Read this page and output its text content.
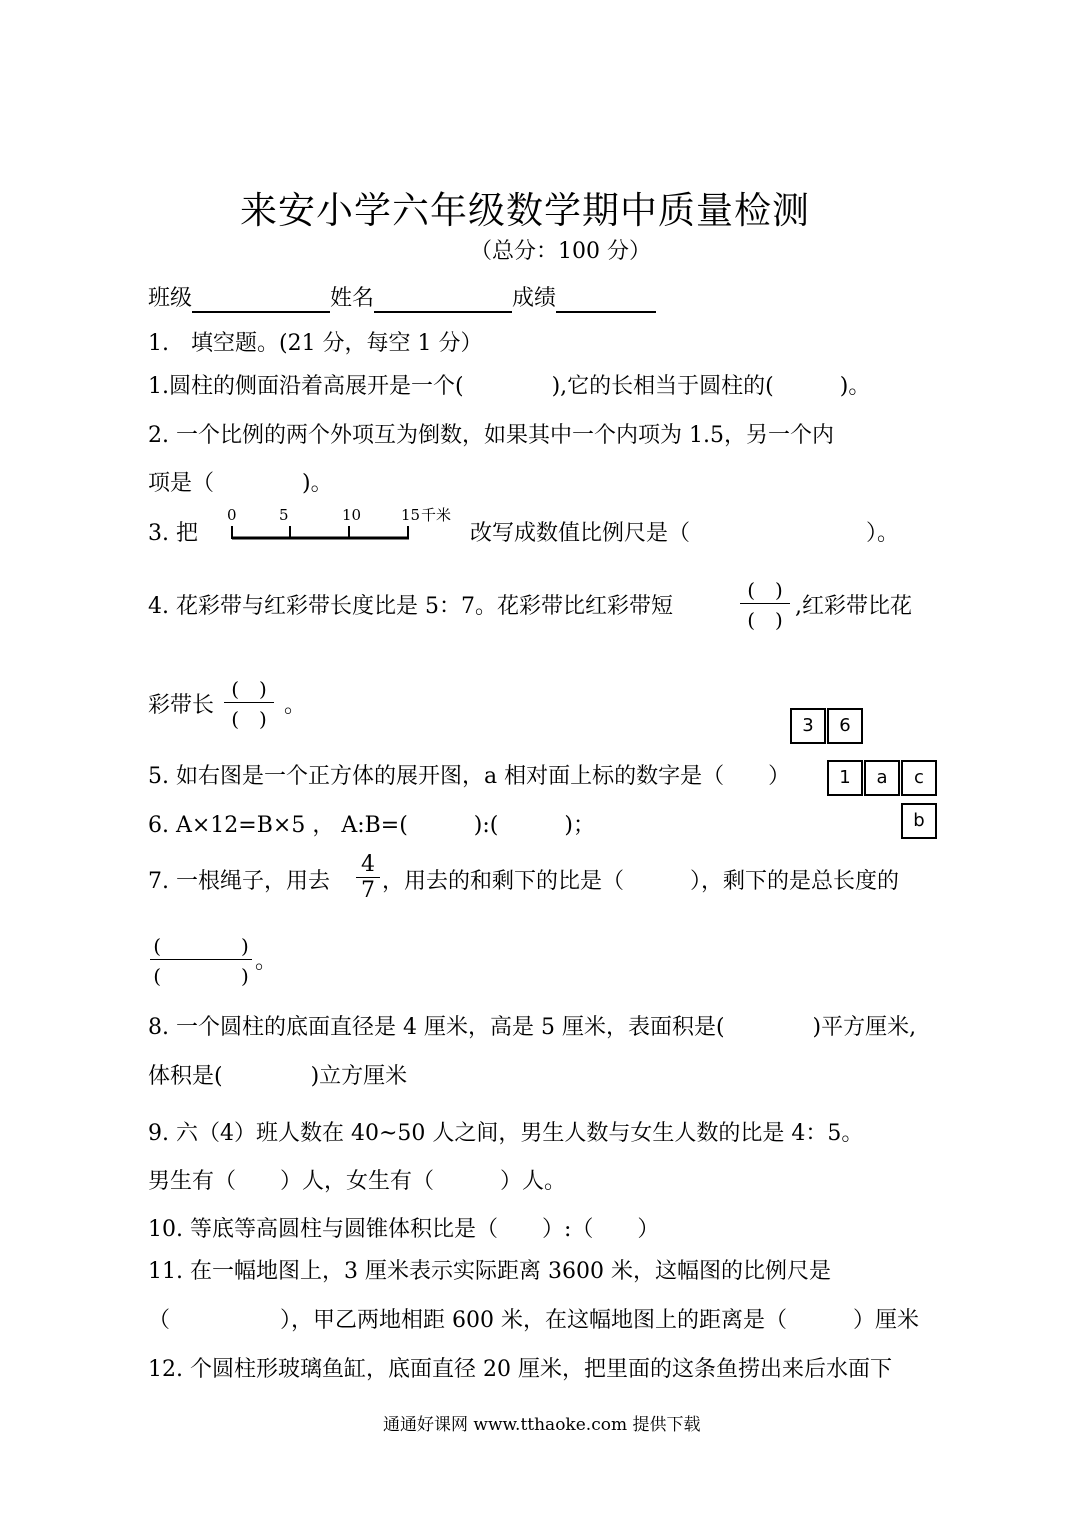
来安小学六年级数学期中质量检测
（总分：100 分）
班级	姓名	成绩
1.　填空题。(21 分，每空 1 分）
1.圆柱的侧面沿着高展开是一个(　　　　),它的长相当于圆柱的(　　　)。
2. 一个比例的两个外项互为倒数，如果其中一个内项为 1.5，另一个内
项是（　　　　)。
3. 把
0	5	10	15 千米
改写成数值比例尺是（　　　　　　　　）。
4. 花彩带与红彩带长度比是 5：7。花彩带比红彩带短
(　)
(　)
,红彩带比花
彩带长
(　)
(　)
。
5. 如右图是一个正方体的展开图，a 相对面上标的数字是（　　）
3	6
1	a	c
b
6. A×12=B×5 ， A:B=(　　　):(　　　)；
7. 一根绳子，用去
4
7 ，用去的和剩下的比是（　　　），剩下的是总长度的
(　　　　)
(　　　　)
。
8. 一个圆柱的底面直径是 4 厘米，高是 5 厘米，表面积是(　　　　)平方厘米,
体积是(　　　　)立方厘米
9. 六（4）班人数在 40~50 人之间，男生人数与女生人数的比是 4：5。
男生有（　　）人，女生有（　　　）人。
10. 等底等高圆柱与圆锥体积比是（　　）:（　　）
11. 在一幅地图上，3 厘米表示实际距离 3600 米，这幅图的比例尺是
（　　　　　），甲乙两地相距 600 米，在这幅地图上的距离是（　　　）厘米
12. 个圆柱形玻璃鱼缸，底面直径 20 厘米，把里面的这条鱼捞出来后水面下
通通好课网 www.tthaoke.com 提供下载
